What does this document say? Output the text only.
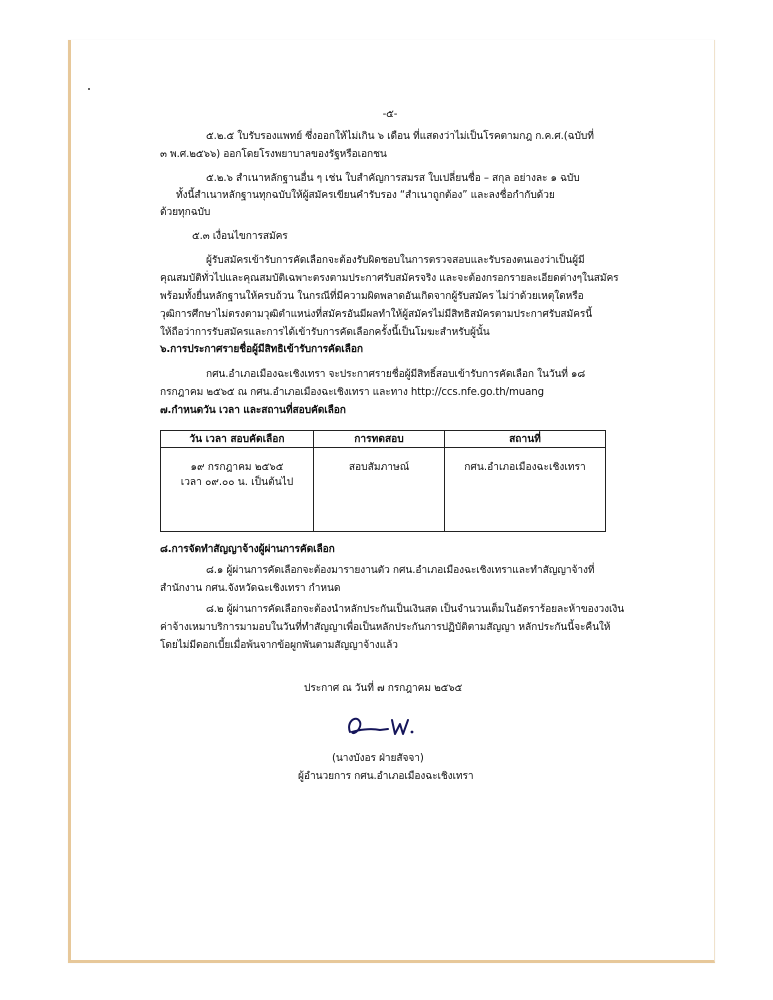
-๕-
๕.๒.๕ ใบรับรองแพทย์ ซึ่งออกให้ไม่เกิน ๖ เดือน ที่แสดงว่าไม่เป็นโรคตามกฎ ก.ค.ศ.(ฉบับที่
๓ พ.ศ.๒๕๖๖) ออกโดยโรงพยาบาลของรัฐหรือเอกชน
๕.๒.๖ สำเนาหลักฐานอื่น ๆ เช่น ใบสำคัญการสมรส ใบเปลี่ยนชื่อ – สกุล อย่างละ ๑ ฉบับ
ทั้งนี้สำเนาหลักฐานทุกฉบับให้ผู้สมัครเขียนคำรับรอง “สำเนาถูกต้อง” และลงชื่อกำกับด้วย
ด้วยทุกฉบับ
๕.๓ เงื่อนไขการสมัคร
ผู้รับสมัครเข้ารับการคัดเลือกจะต้องรับผิดชอบในการตรวจสอบและรับรองตนเองว่าเป็นผู้มี
คุณสมบัติทั่วไปและคุณสมบัติเฉพาะตรงตามประกาศรับสมัครจริง และจะต้องกรอกรายละเอียดต่างๆในสมัคร
พร้อมทั้งยื่นหลักฐานให้ครบถ้วน ในกรณีที่มีความผิดพลาดอันเกิดจากผู้รับสมัคร ไม่ว่าด้วยเหตุใดหรือ
วุฒิการศึกษาไม่ตรงตามวุฒิตำแหน่งที่สมัครอันมีผลทำให้ผู้สมัครไม่มีสิทธิสมัครตามประกาศรับสมัครนี้
ให้ถือว่าการรับสมัครและการได้เข้ารับการคัดเลือกครั้งนี้เป็นโมฆะสำหรับผู้นั้น
๖.การประกาศรายชื่อผู้มีสิทธิเข้ารับการคัดเลือก
กศน.อำเภอเมืองฉะเชิงเทรา จะประกาศรายชื่อผู้มีสิทธิ์สอบเข้ารับการคัดเลือก ในวันที่ ๑๘
กรกฎาคม ๒๕๖๕ ณ กศน.อำเภอเมืองฉะเชิงเทรา และทาง http://ccs.nfe.go.th/muang
๗.กำหนดวัน เวลา และสถานที่สอบคัดเลือก
วัน เวลา สอบคัดเลือก	การทดสอบ	สถานที่

๑๙ กรกฎาคม ๒๕๖๕
เวลา ๐๙.๐๐ น. เป็นต้นไป	สอบสัมภาษณ์	กศน.อำเภอเมืองฉะเชิงเทรา
๘.การจัดทำสัญญาจ้างผู้ผ่านการคัดเลือก
๘.๑ ผู้ผ่านการคัดเลือกจะต้องมารายงานตัว กศน.อำเภอเมืองฉะเชิงเทราและทำสัญญาจ้างที่
สำนักงาน กศน.จังหวัดฉะเชิงเทรา กำหนด
๘.๒ ผู้ผ่านการคัดเลือกจะต้องนำหลักประกันเป็นเงินสด เป็นจำนวนเต็มในอัตราร้อยละห้าของวงเงิน
ค่าจ้างเหมาบริการมามอบในวันที่ทำสัญญาเพื่อเป็นหลักประกันการปฏิบัติตามสัญญา หลักประกันนี้จะคืนให้
โดยไม่มีดอกเบี้ยเมื่อพ้นจากข้อผูกพันตามสัญญาจ้างแล้ว
ประกาศ ณ วันที่ ๗ กรกฎาคม ๒๕๖๕
(นางบังอร ฝ่ายสัจจา)
ผู้อำนวยการ กศน.อำเภอเมืองฉะเชิงเทรา
